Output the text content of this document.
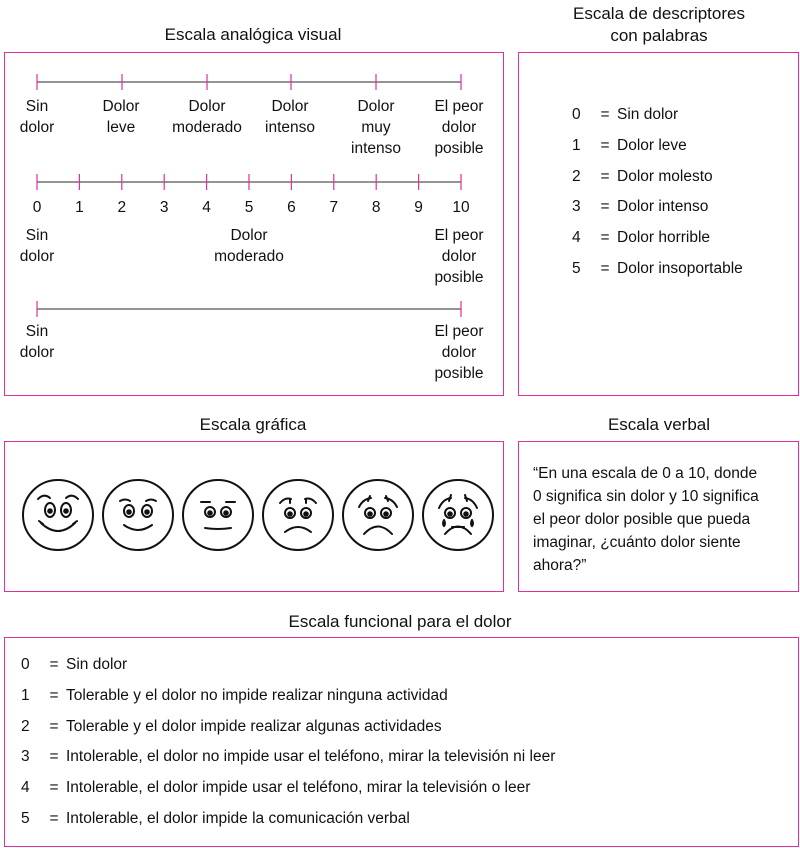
Escala analógica visual
Escala de descriptores
con palabras
Escala gráfica	Escala verbal
Escala funcional para el dolor
Sin
dolor
Dolor
leve
Dolor
moderado
Dolor
intenso
Dolor
muy
intenso
El peor
dolor
posible
0 1 2 3 4 5 6 7 8 9 10
Sin
dolor
Dolor
moderado
El peor
dolor
posible
Sin
dolor
El peor
dolor
posible
0 = Sin dolor
1 = Dolor leve
2 = Dolor molesto
3 = Dolor intenso
4 = Dolor horrible
5 = Dolor insoportable
“En una escala de 0 a 10, donde
0 significa sin dolor y 10 significa
el peor dolor posible que pueda
imaginar, ¿cuánto dolor siente
ahora?”
0 = Sin dolor
1 = Tolerable y el dolor no impide realizar ninguna actividad
2 = Tolerable y el dolor impide realizar algunas actividades
3 = Intolerable, el dolor no impide usar el teléfono, mirar la televisión ni leer
4 = Intolerable, el dolor impide usar el teléfono, mirar la televisión o leer
5 = Intolerable, el dolor impide la comunicación verbal
